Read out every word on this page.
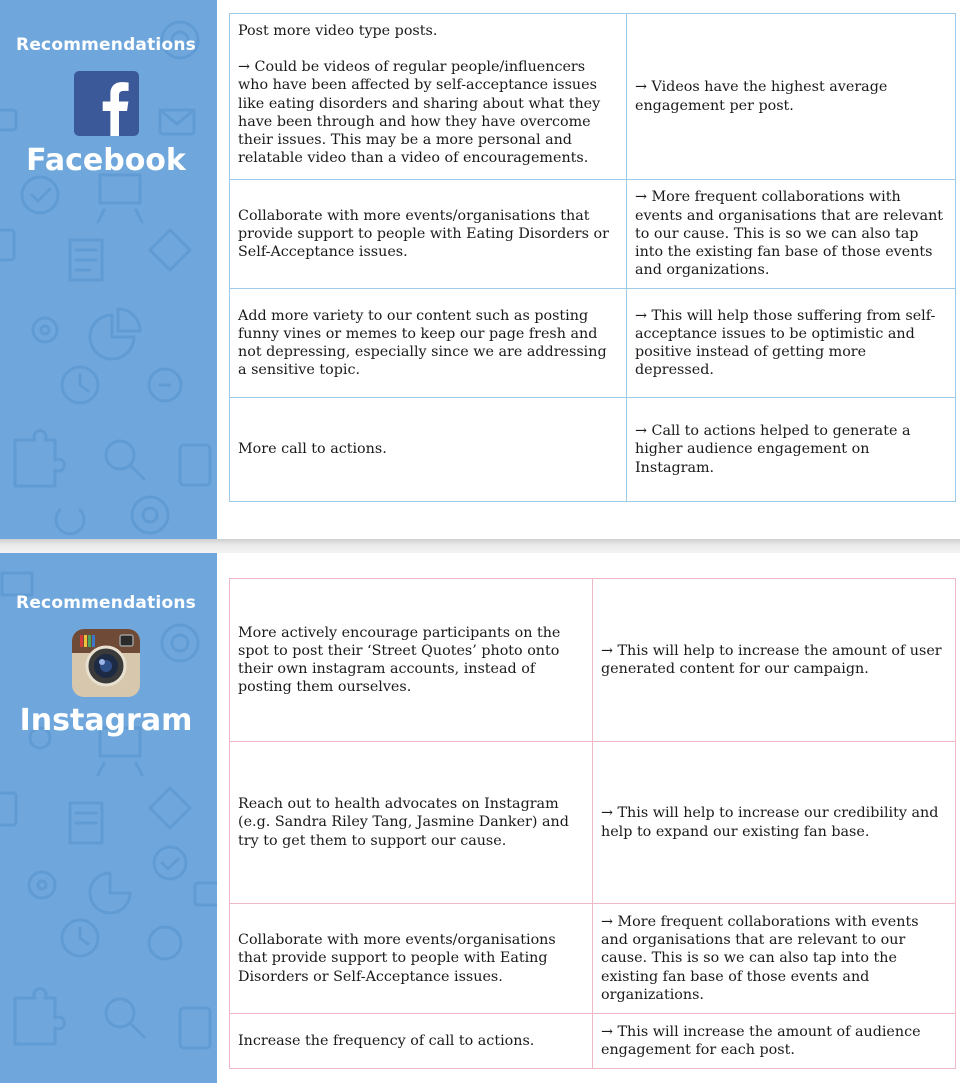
Recommendations
Facebook

Post more video type posts.

→ Could be videos of regular people/influencers who have been affected by self-acceptance issues like eating disorders and sharing about what they have been through and how they have overcome their issues. This may be a more personal and relatable video than a video of encouragements.	→ Videos have the highest average engagement per post.

Collaborate with more events/organisations that provide support to people with Eating Disorders or Self-Acceptance issues.	→ More frequent collaborations with events and organisations that are relevant to our cause. This is so we can also tap into the existing fan base of those events and organizations.

Add more variety to our content such as posting funny vines or memes to keep our page fresh and not depressing, especially since we are addressing a sensitive topic.	→ This will help those suffering from self-acceptance issues to be optimistic and positive instead of getting more depressed.

More call to actions.	→ Call to actions helped to generate a higher audience engagement on Instagram.

Recommendations
Instagram

More actively encourage participants on the spot to post their ‘Street Quotes’ photo onto their own instagram accounts, instead of posting them ourselves.	→ This will help to increase the amount of user generated content for our campaign.

Reach out to health advocates on Instagram (e.g. Sandra Riley Tang, Jasmine Danker) and try to get them to support our cause.	→ This will help to increase our credibility and help to expand our existing fan base.

Collaborate with more events/organisations that provide support to people with Eating Disorders or Self-Acceptance issues.	→ More frequent collaborations with events and organisations that are relevant to our cause. This is so we can also tap into the existing fan base of those events and organizations.

Increase the frequency of call to actions.	→ This will increase the amount of audience engagement for each post.
